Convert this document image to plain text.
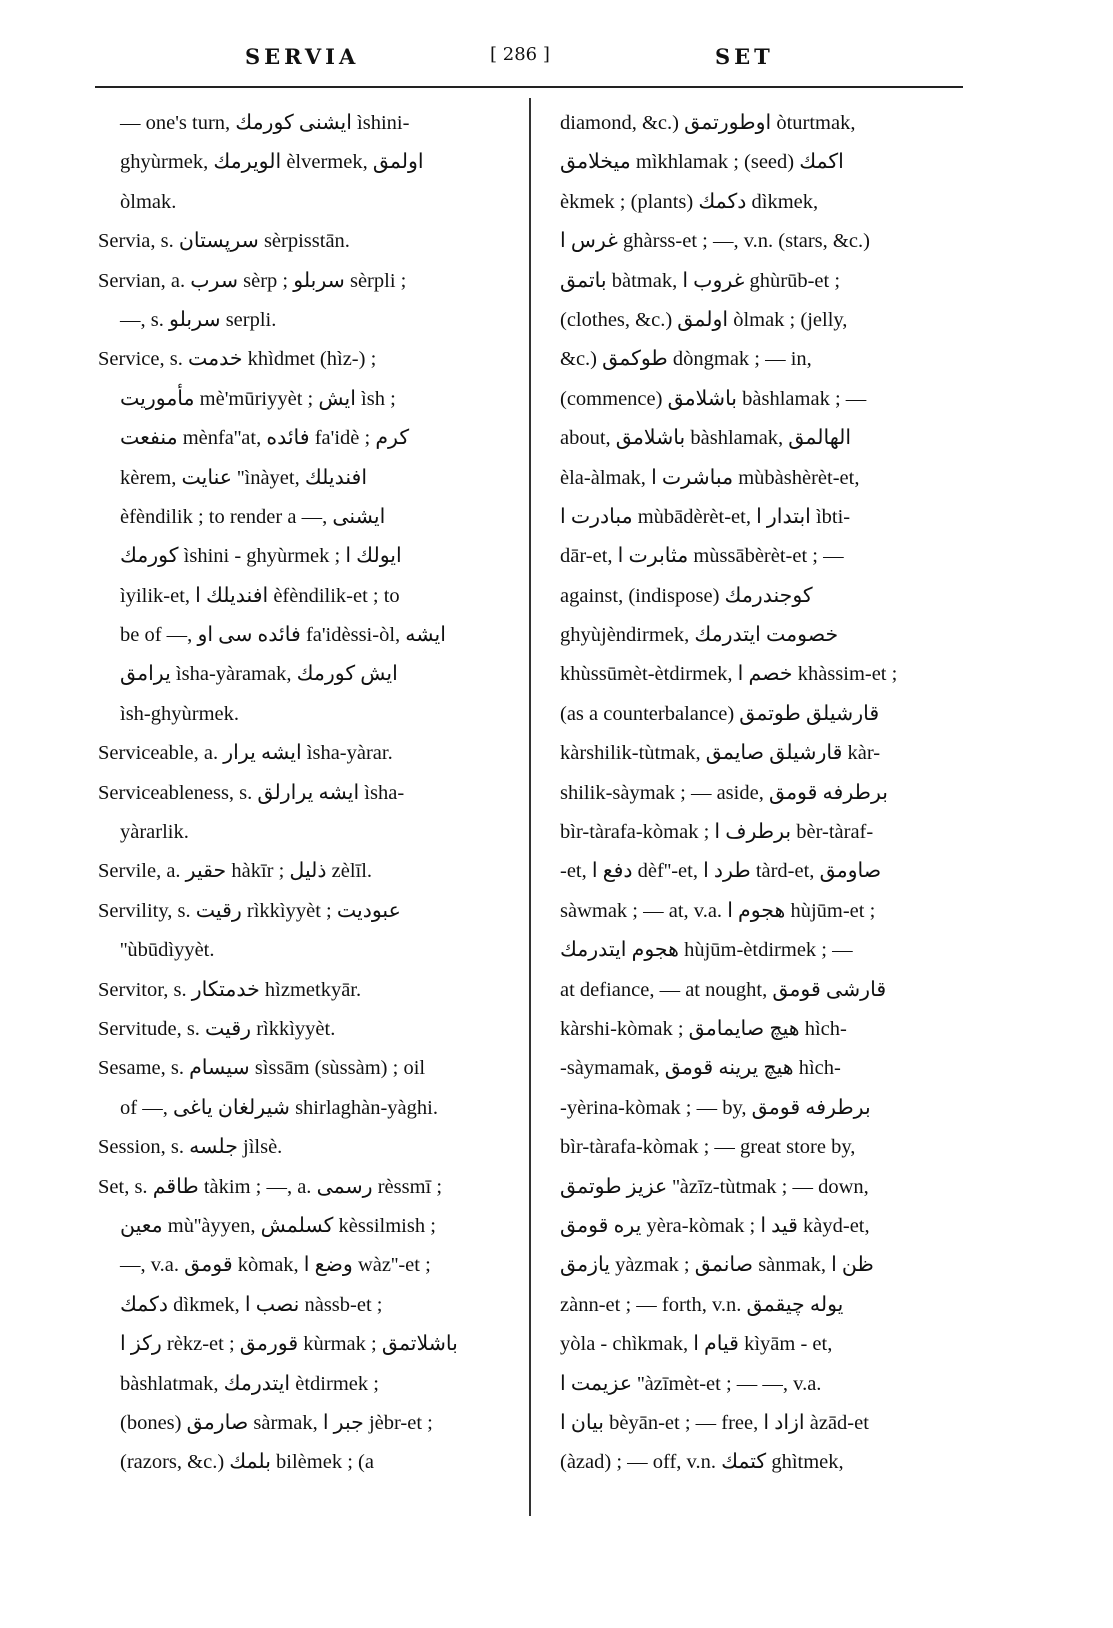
SERVIA	[ 286 ]	SET
— one's turn, ایشنی کورمك ìshini-
ghyùrmek, الويرمك èlvermek, اولمق
òlmak.
Servia, s. سرپستان sèrpisstān.
Servian, a. سرب sèrp ; سربلو sèrpli ;
—, s. سربلو serpli.
Service, s. خدمت khìdmet (hìz-) ;
مأموريت mè'mūriyyèt ; ايش ìsh ;
منفعت mènfa''at, فائده fa'idè ; كرم
kèrem, عنايت ''ìnàyet, افنديلك
èfèndilik ; to render a —, ايشنی
كورمك ìshini - ghyùrmek ; ايولك ا
ìyilik-et, افنديلك ا èfèndilik-et ; to
be of —, فائده سی او fa'idèssi-òl, ايشه
يرامق ìsha-yàramak, ايش كورمك
ìsh-ghyùrmek.
Serviceable, a. ايشه يرار ìsha-yàrar.
Serviceableness, s. ايشه يرارلق ìsha-
yàrarlik.
Servile, a. حقير hàkīr ; ذليل zèlīl.
Servility, s. رقيت rìkkìyyèt ; عبوديت
''ùbūdìyyèt.
Servitor, s. خدمتكار hìzmetkyār.
Servitude, s. رقيت rìkkìyyèt.
Sesame, s. سيسام sìssām (sùssàm) ; oil
of —, شيرلغان ياغی shirlaghàn-yàghi.
Session, s. جلسه jìlsè.
Set, s. طاقم tàkim ; —, a. رسمی rèssmī ;
معين mù''àyyen, كسلمش kèssilmish ;
—, v.a. قومق kòmak, وضع ا wàz''-et ;
دكمك dìkmek, نصب ا nàssb-et ;
ركز ا rèkz-et ; قورمق kùrmak ; باشلاتمق
bàshlatmak, ايتدرمك ètdirmek ;
(bones) صارمق sàrmak, جبر ا jèbr-et ;
(razors, &c.) بلمك bilèmek ; (a
diamond, &c.) اوطورتمق òturtmak,
ميخلامق mìkhlamak ; (seed) اكمك
èkmek ; (plants) دكمك dìkmek,
غرس ا ghàrss-et ; —, v.n. (stars, &c.)
باتمق bàtmak, غروب ا ghùrūb-et ;
(clothes, &c.) اولمق òlmak ; (jelly,
&c.) طوكمق dòngmak ; — in,
(commence) باشلامق bàshlamak ; —
about, باشلامق bàshlamak, الهالمق
èla-àlmak, مباشرت ا mùbàshèrèt-et,
مبادرت ا mùbādèrèt-et, ابتدار ا ìbti-
dār-et, مثابرت ا mùssābèrèt-et ; —
against, (indispose) كوجندرمك
ghyùjèndirmek, خصومت ايتدرمك
khùssūmèt-ètdirmek, خصم ا khàssim-et ;
(as a counterbalance) قارشيلق طوتمق
kàrshilik-tùtmak, قارشيلق صايمق kàr-
shilik-sàymak ; — aside, برطرفه قومق
bìr-tàrafa-kòmak ; برطرف ا bèr-tàraf-
-et, دفع ا dèf''-et, طرد ا tàrd-et, صاومق
sàwmak ; — at, v.a. هجوم ا hùjūm-et ;
هجوم ايتدرمك hùjūm-ètdirmek ; —
at defiance, — at nought, قارشی قومق
kàrshi-kòmak ; هيچ صايمامق hìch-
-sàymamak, هيچ يرينه قومق hìch-
-yèrina-kòmak ; — by, برطرفه قومق
bìr-tàrafa-kòmak ; — great store by,
عزيز طوتمق ''àzīz-tùtmak ; — down,
يره قومق yèra-kòmak ; قيد ا kàyd-et,
يازمق yàzmak ; صانمق sànmak, ظن ا
zànn-et ; — forth, v.n. يوله چيقمق
yòla - chìkmak, قيام ا kìyām - et,
عزيمت ا ''àzīmèt-et ; — —, v.a.
بيان ا bèyān-et ; — free, ازاد ا àzād-et
(àzad) ; — off, v.n. كتمك ghìtmek,
